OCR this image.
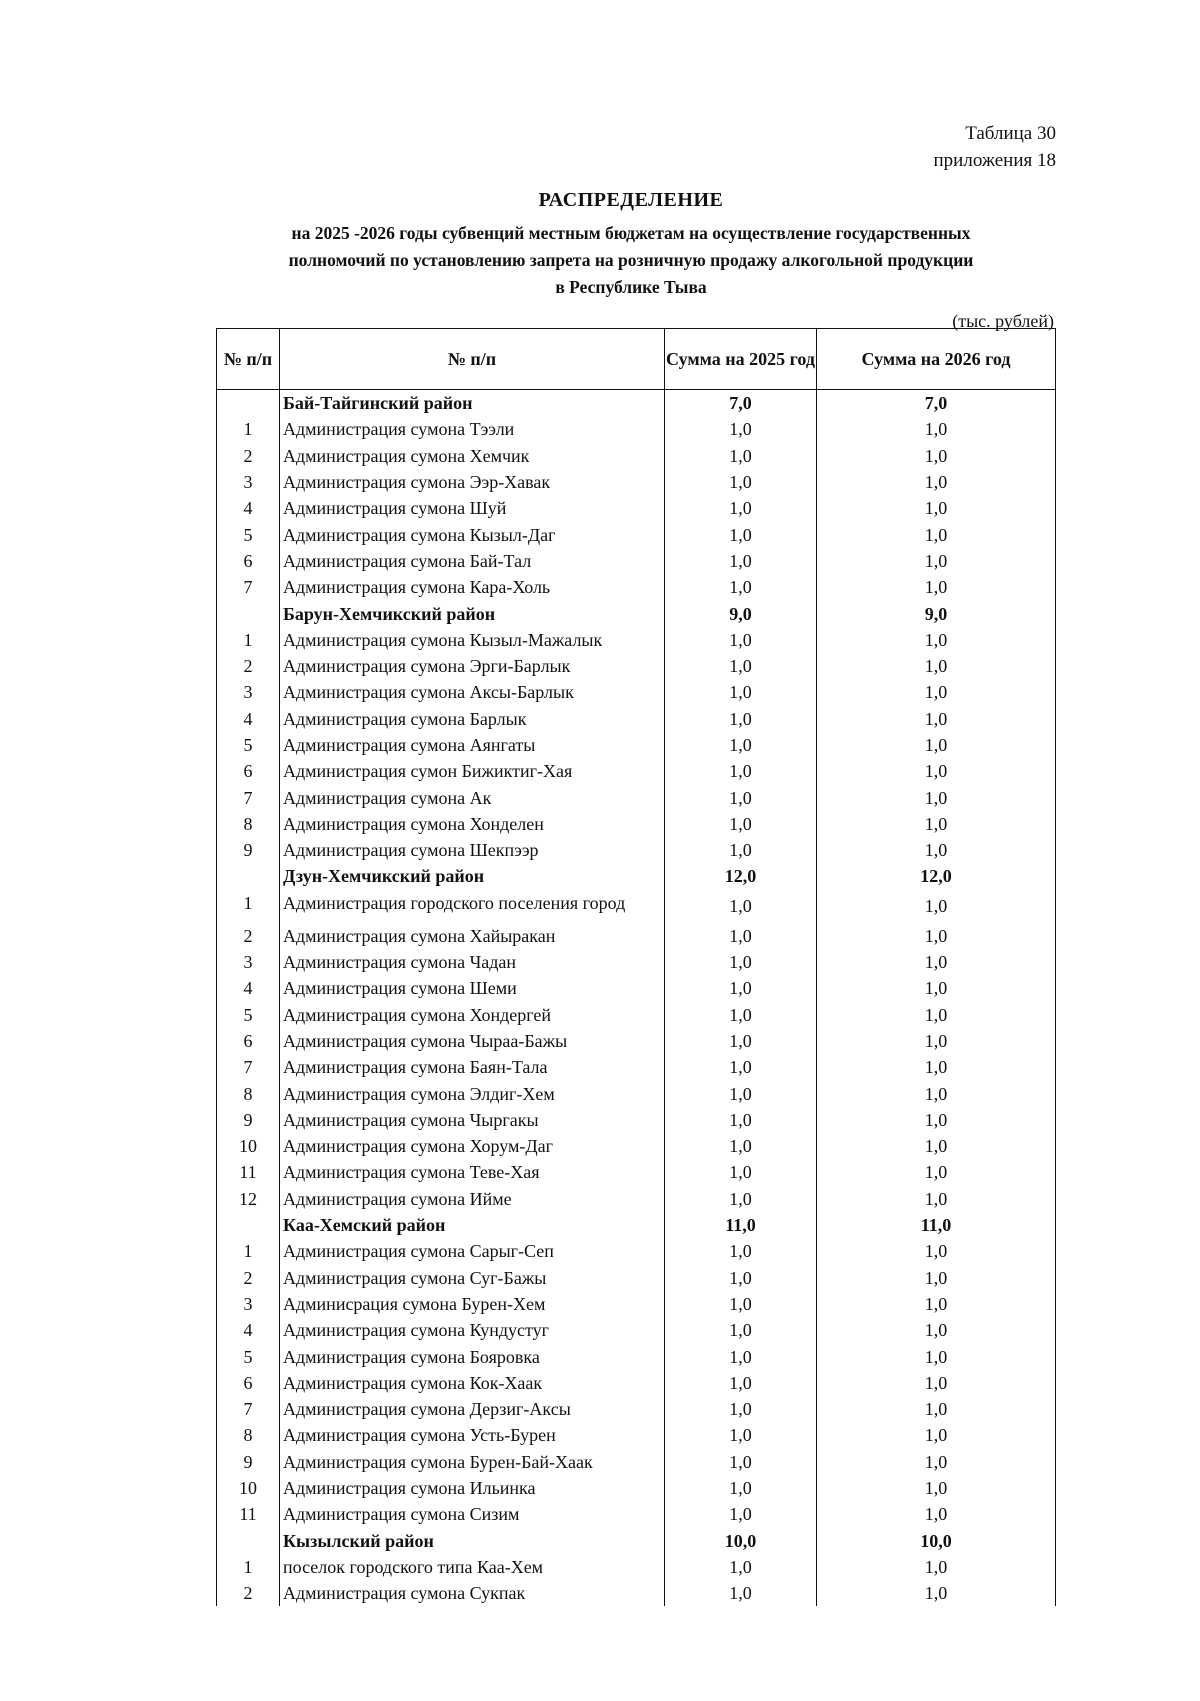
Таблица 30
приложения 18
РАСПРЕДЕЛЕНИЕ
на 2025 -2026 годы субвенций местным бюджетам на осуществление государственных
полномочий по установлению запрета на розничную продажу алкогольной продукции
в Республике Тыва
(тыс. рублей)
№ п/п	№ п/п	Сумма на 2025 год	Сумма на 2026 год
	Бай-Тайгинский район	7,0	7,0
1	Администрация сумона Тээли	1,0	1,0
2	Администрация сумона Хемчик	1,0	1,0
3	Администрация сумона Ээр-Хавак	1,0	1,0
4	Администрация сумона Шуй	1,0	1,0
5	Администрация сумона Кызыл-Даг	1,0	1,0
6	Администрация сумона Бай-Тал	1,0	1,0
7	Администрация сумона Кара-Холь	1,0	1,0
	Барун-Хемчикский район	9,0	9,0
1	Администрация сумона Кызыл-Мажалык	1,0	1,0
2	Администрация сумона Эрги-Барлык	1,0	1,0
3	Администрация сумона Аксы-Барлык	1,0	1,0
4	Администрация сумона Барлык	1,0	1,0
5	Администрация сумона Аянгаты	1,0	1,0
6	Администрация сумон Бижиктиг-Хая	1,0	1,0
7	Администрация сумона Ак	1,0	1,0
8	Администрация сумона Хонделен	1,0	1,0
9	Администрация сумона Шекпээр	1,0	1,0
	Дзун-Хемчикский район	12,0	12,0
1	Администрация городского поселения город	1,0	1,0
2	Администрация сумона Хайыракан	1,0	1,0
3	Администрация сумона Чадан	1,0	1,0
4	Администрация сумона Шеми	1,0	1,0
5	Администрация сумона Хондергей	1,0	1,0
6	Администрация сумона Чыраа-Бажы	1,0	1,0
7	Администрация сумона Баян-Тала	1,0	1,0
8	Администрация сумона Элдиг-Хем	1,0	1,0
9	Администрация сумона Чыргакы	1,0	1,0
10	Администрация сумона Хорум-Даг	1,0	1,0
11	Администрация сумона Теве-Хая	1,0	1,0
12	Администрация сумона Ийме	1,0	1,0
	Каа-Хемский район	11,0	11,0
1	Администрация сумона Сарыг-Сеп	1,0	1,0
2	Администрация сумона Суг-Бажы	1,0	1,0
3	Админисрация сумона Бурен-Хем	1,0	1,0
4	Администрация сумона Кундустуг	1,0	1,0
5	Администрация сумона Бояровка	1,0	1,0
6	Администрация сумона Кок-Хаак	1,0	1,0
7	Администрация сумона Дерзиг-Аксы	1,0	1,0
8	Администрация сумона Усть-Бурен	1,0	1,0
9	Администрация сумона Бурен-Бай-Хаак	1,0	1,0
10	Администрация сумона Ильинка	1,0	1,0
11	Администрация сумона Сизим	1,0	1,0
	Кызылский район	10,0	10,0
1	поселок городского типа Каа-Хем	1,0	1,0
2	Администрация сумона Сукпак	1,0	1,0
